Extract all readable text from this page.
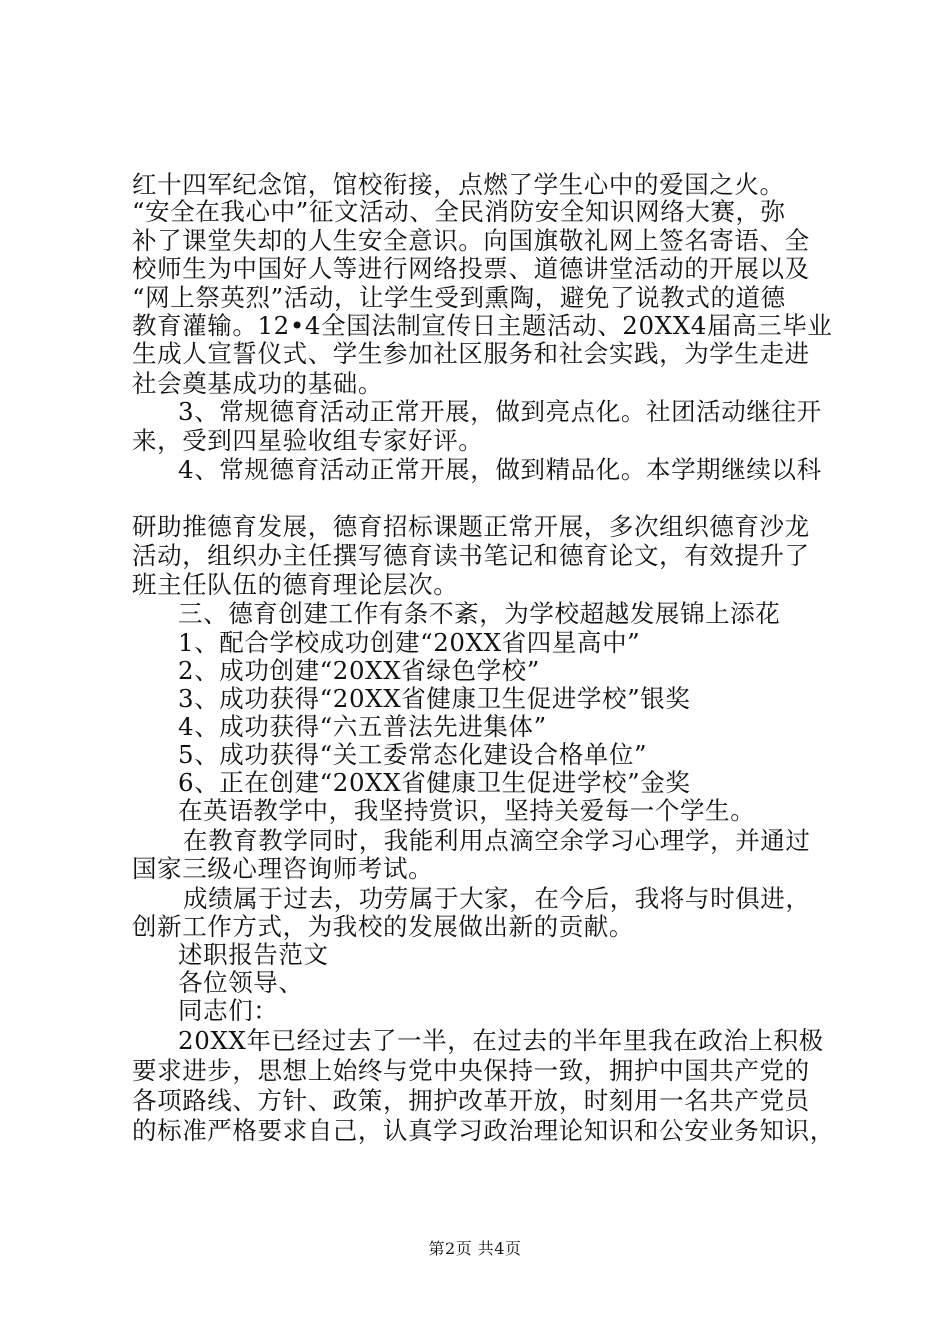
红十四军纪念馆，馆校衔接，点燃了学生心中的爱国之火。
“安全在我心中”征文活动、全民消防安全知识网络大赛，弥
补了课堂失却的人生安全意识。向国旗敬礼网上签名寄语、全
校师生为中国好人等进行网络投票、道德讲堂活动的开展以及
“网上祭英烈”活动，让学生受到熏陶，避免了说教式的道德
教育灌输。12•4全国法制宣传日主题活动、20XX4届高三毕业
生成人宣誓仪式、学生参加社区服务和社会实践，为学生走进
社会奠基成功的基础。
3、常规德育活动正常开展，做到亮点化。社团活动继往开
来，受到四星验收组专家好评。
4、常规德育活动正常开展，做到精品化。本学期继续以科
研助推德育发展，德育招标课题正常开展，多次组织德育沙龙
活动，组织办主任撰写德育读书笔记和德育论文，有效提升了
班主任队伍的德育理论层次。
三、德育创建工作有条不紊，为学校超越发展锦上添花
1、配合学校成功创建“20XX省四星高中”
2、成功创建“20XX省绿色学校”
3、成功获得“20XX省健康卫生促进学校”银奖
4、成功获得“六五普法先进集体”
5、成功获得“关工委常态化建设合格单位”
6、正在创建“20XX省健康卫生促进学校”金奖
在英语教学中，我坚持赏识，坚持关爱每一个学生。
在教育教学同时，我能利用点滴空余学习心理学，并通过
国家三级心理咨询师考试。
成绩属于过去，功劳属于大家，在今后，我将与时俱进，
创新工作方式，为我校的发展做出新的贡献。
述职报告范文
各位领导、
同志们：
20XX年已经过去了一半，在过去的半年里我在政治上积极
要求进步，思想上始终与党中央保持一致，拥护中国共产党的
各项路线、方针、政策，拥护改革开放，时刻用一名共产党员
的标准严格要求自己，认真学习政治理论知识和公安业务知识，
第2页 共4页
